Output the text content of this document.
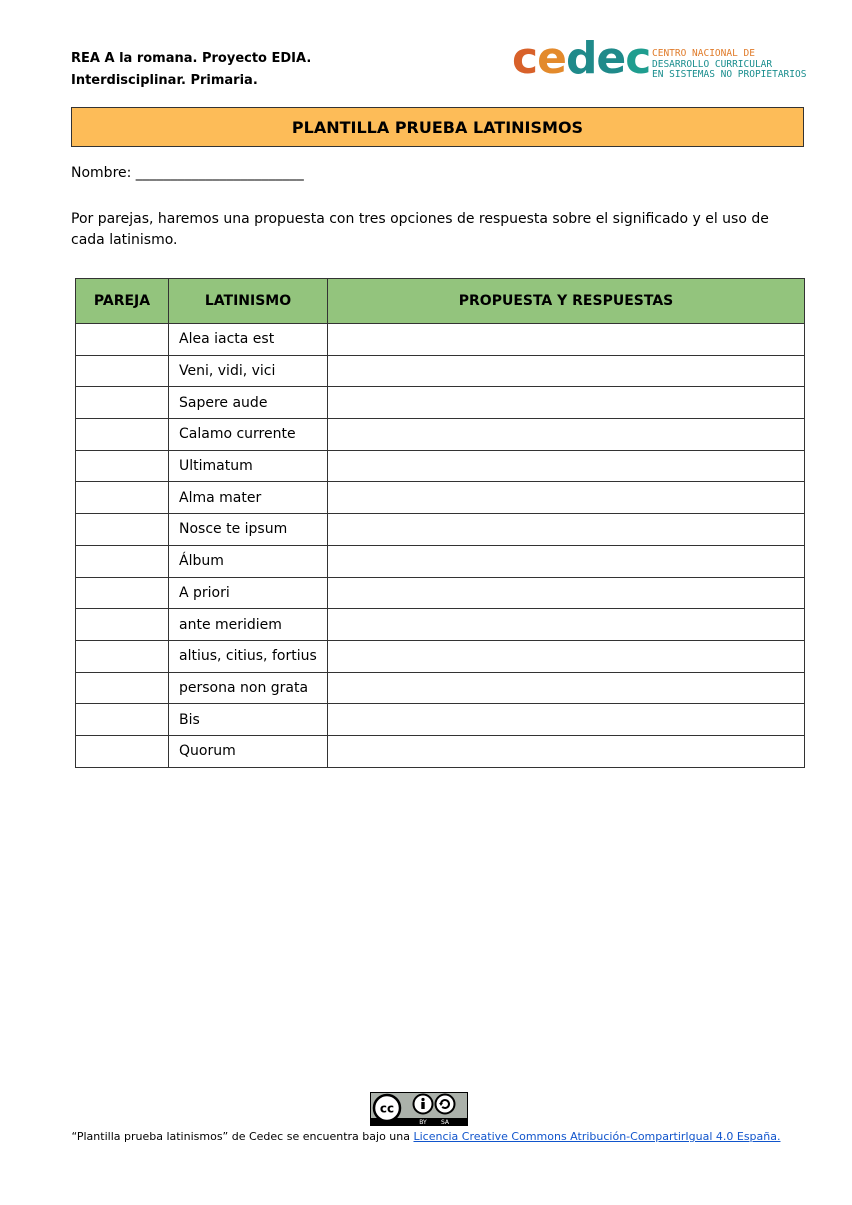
REA A la romana. Proyecto EDIA.
Interdisciplinar. Primaria.	cedec CENTRO NACIONAL DE
DESARROLLO CURRICULAR
EN SISTEMAS NO PROPIETARIOS
PLANTILLA PRUEBA LATINISMOS
Nombre: ________________________
Por parejas, haremos una propuesta con tres opciones de respuesta sobre el significado y el uso de cada latinismo.
PAREJA	LATINISMO	PROPUESTA Y RESPUESTAS
	Alea iacta est	
	Veni, vidi, vici	
	Sapere aude	
	Calamo currente	
	Ultimatum	
	Alma mater	
	Nosce te ipsum	
	Álbum	
	A priori	
	ante meridiem	
	altius, citius, fortius	
	persona non grata	
	Bis	
	Quorum	
cc
BY SA
“Plantilla prueba latinismos” de Cedec se encuentra bajo una Licencia Creative Commons Atribución-CompartirIgual 4.0 España.
